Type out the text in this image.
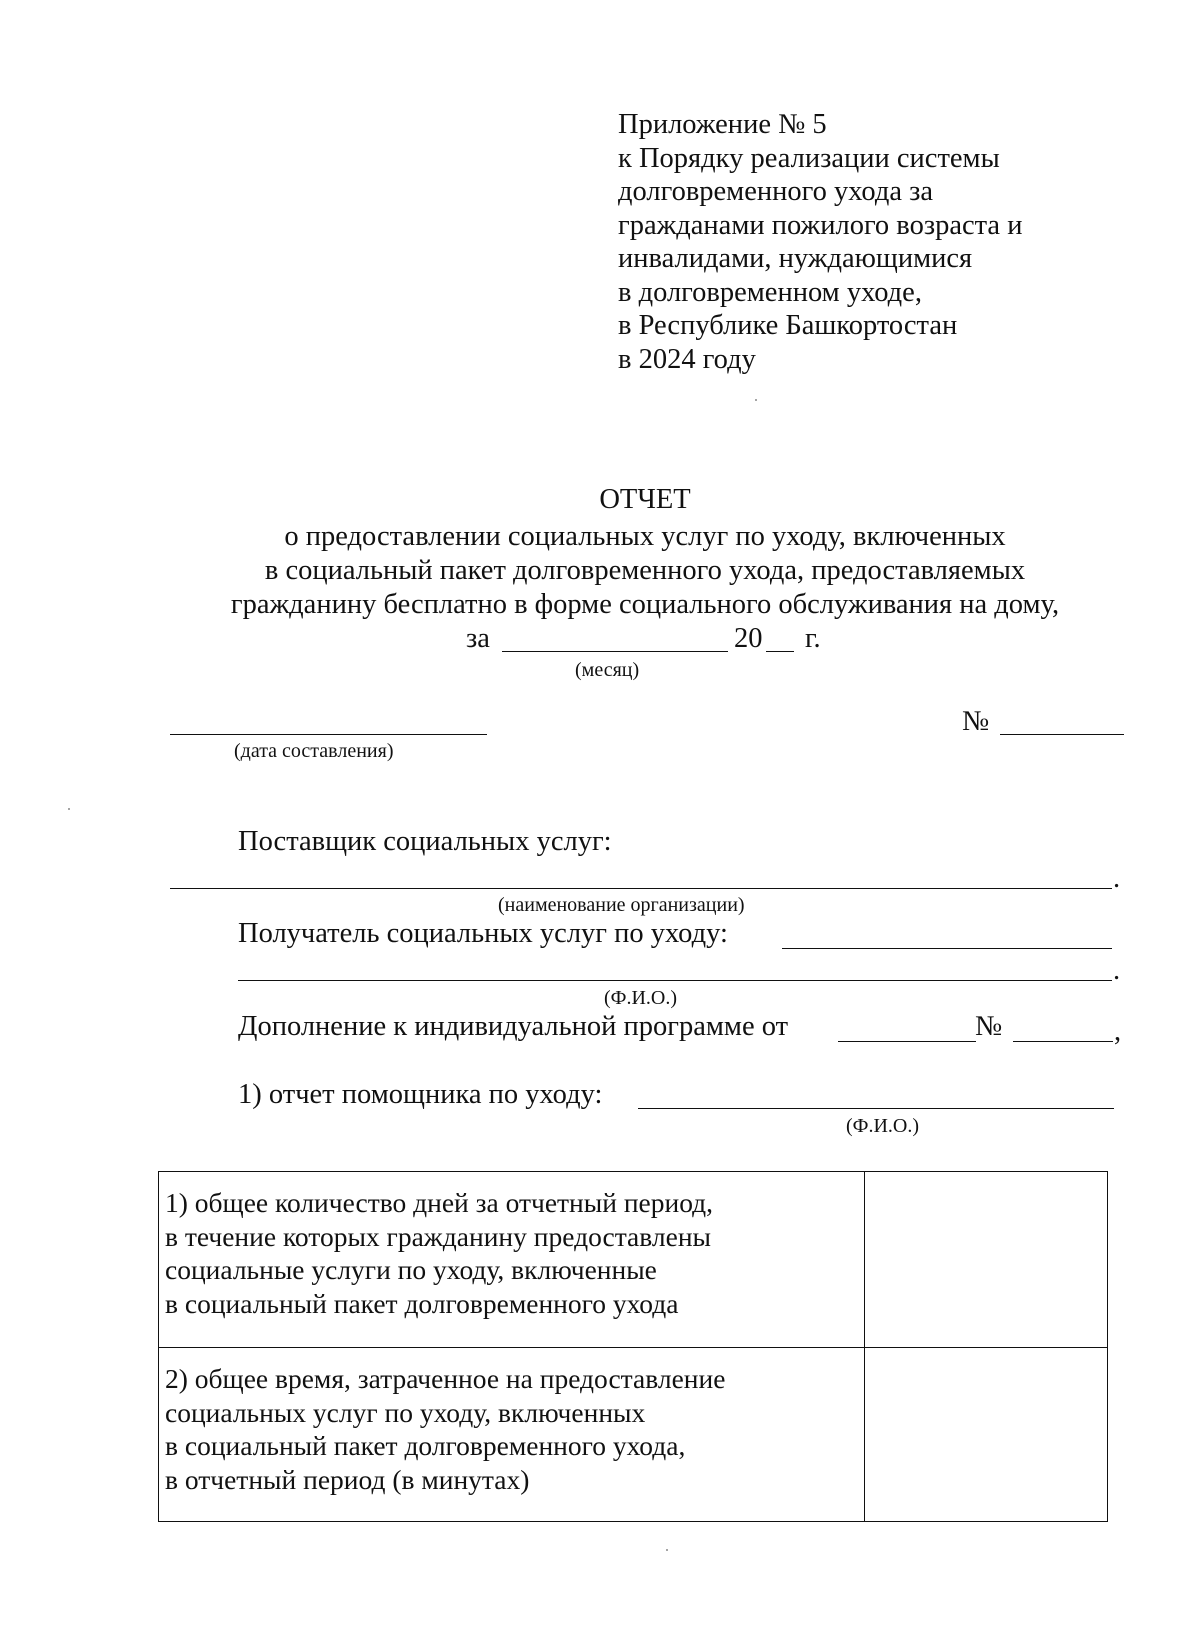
Приложение № 5
к Порядку реализации системы
долговременного ухода за
гражданами пожилого возраста и
инвалидами, нуждающимися
в долговременном уходе,
в Республике Башкортостан
в 2024 году
ОТЧЕТ
о предоставлении социальных услуг по уходу, включенных
в социальный пакет долговременного ухода, предоставляемых
гражданину бесплатно в форме социального обслуживания на дому,
за	20 г.
(месяц)
(дата составления)
№
Поставщик социальных услуг:
.
(наименование организации)
Получатель социальных услуг по уходу:
.
(Ф.И.О.)
Дополнение к индивидуальной программе от	№	,
1) отчет помощника по уходу:
(Ф.И.О.)
1) общее количество дней за отчетный период,
в течение которых гражданину предоставлены
социальные услуги по уходу, включенные
в социальный пакет долговременного ухода	

2) общее время, затраченное на предоставление
социальных услуг по уходу, включенных
в социальный пакет долговременного ухода,
в отчетный период (в минутах)	
